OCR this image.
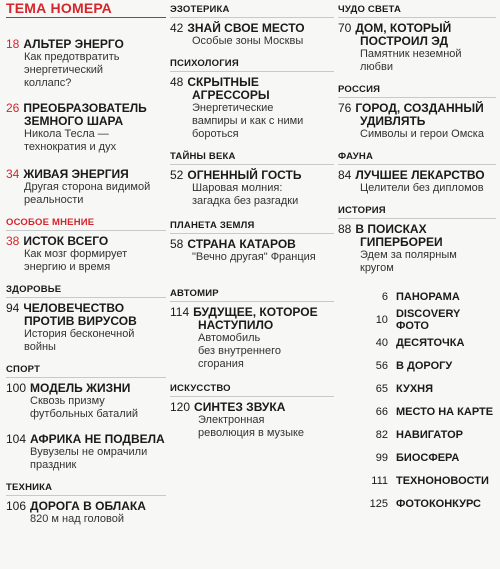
ТЕМА НОМЕРА
18 АЛЬТЕР ЭНЕРГО
Как предотвратить
энергетический
коллапс?
26 ПРЕОБРАЗОВАТЕЛЬ
ЗЕМНОГО ШАРА
Никола Тесла —
технократия и дух
34 ЖИВАЯ ЭНЕРГИЯ
Другая сторона видимой
реальности
ОСОБОЕ МНЕНИЕ
38 ИСТОК ВСЕГО
Как мозг формирует
энергию и время
ЗДОРОВЬЕ
94 ЧЕЛОВЕЧЕСТВО
ПРОТИВ ВИРУСОВ
История бесконечной
войны
СПОРТ
100 МОДЕЛЬ ЖИЗНИ
Сквозь призму
футбольных баталий
104 АФРИКА НЕ ПОДВЕЛА
Вувузелы не омрачили
праздник
ТЕХНИКА
106 ДОРОГА В ОБЛАКА
820 м над головой
ЭЗОТЕРИКА
42 ЗНАЙ СВОЕ МЕСТО
Особые зоны Москвы
ПСИХОЛОГИЯ
48 СКРЫТНЫЕ
АГРЕССОРЫ
Энергетические
вампиры и как с ними
бороться
ТАЙНЫ ВЕКА
52 ОГНЕННЫЙ ГОСТЬ
Шаровая молния:
загадка без разгадки
ПЛАНЕТА ЗЕМЛЯ
58 СТРАНА КАТАРОВ
"Вечно другая" Франция
АВТОМИР
114 БУДУЩЕЕ, КОТОРОЕ
НАСТУПИЛО
Автомобиль
без внутреннего
сгорания
ИСКУССТВО
120 СИНТЕЗ ЗВУКА
Электронная
революция в музыке
ЧУДО СВЕТА
70 ДОМ, КОТОРЫЙ
ПОСТРОИЛ ЭД
Памятник неземной
любви
РОССИЯ
76 ГОРОД, СОЗДАННЫЙ
УДИВЛЯТЬ
Символы и герои Омска
ФАУНА
84 ЛУЧШЕЕ ЛЕКАРСТВО
Целители без дипломов
ИСТОРИЯ
88 В ПОИСКАХ
ГИПЕРБОРЕИ
Эдем за полярным
кругом
6 ПАНОРАМА
10 DISCOVERY ФОТО
40 ДЕСЯТОЧКА
56 В ДОРОГУ
65 КУХНЯ
66 МЕСТО НА КАРТЕ
82 НАВИГАТОР
99 БИОСФЕРА
111 ТЕХНОНОВОСТИ
125 ФОТОКОНКУРС
